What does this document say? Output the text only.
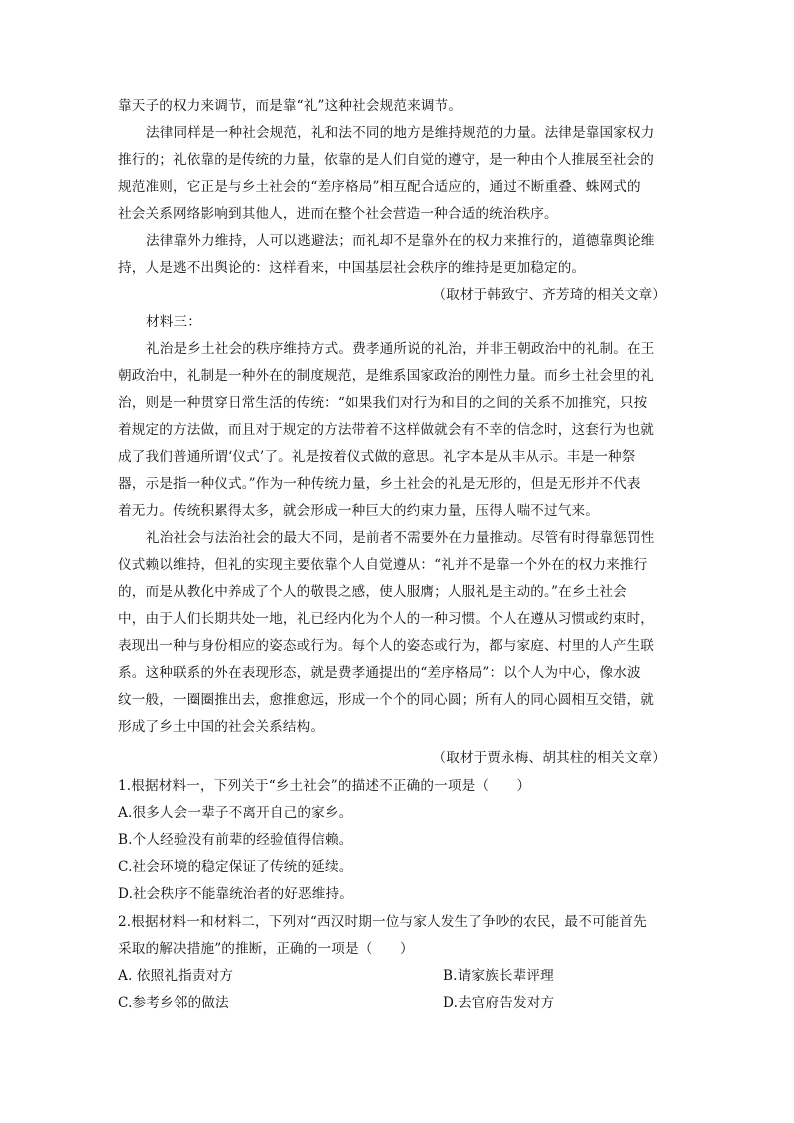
靠天子的权力来调节，而是靠“礼”这种社会规范来调节。
法律同样是一种社会规范，礼和法不同的地方是维持规范的力量。法律是靠国家权力
推行的；礼依靠的是传统的力量，依靠的是人们自觉的遵守，是一种由个人推展至社会的
规范准则，它正是与乡土社会的“差序格局”相互配合适应的，通过不断重叠、蛛网式的
社会关系网络影响到其他人，进而在整个社会营造一种合适的统治秩序。
法律靠外力维持，人可以逃避法；而礼却不是靠外在的权力来推行的，道德靠舆论维
持，人是逃不出舆论的：这样看来，中国基层社会秩序的维持是更加稳定的。
（取材于韩致宁、齐芳琦的相关文章）
材料三：
礼治是乡土社会的秩序维持方式。费孝通所说的礼治，并非王朝政治中的礼制。在王
朝政治中，礼制是一种外在的制度规范，是维系国家政治的刚性力量。而乡土社会里的礼
治，则是一种贯穿日常生活的传统：“如果我们对行为和目的之间的关系不加推究，只按
着规定的方法做，而且对于规定的方法带着不这样做就会有不幸的信念时，这套行为也就
成了我们普通所谓‘仪式’了。礼是按着仪式做的意思。礼字本是从丰从示。丰是一种祭
器，示是指一种仪式。”作为一种传统力量，乡土社会的礼是无形的，但是无形并不代表
着无力。传统积累得太多，就会形成一种巨大的约束力量，压得人喘不过气来。
礼治社会与法治社会的最大不同，是前者不需要外在力量推动。尽管有时得靠惩罚性
仪式赖以维持，但礼的实现主要依靠个人自觉遵从：“礼并不是靠一个外在的权力来推行
的，而是从教化中养成了个人的敬畏之感，使人服膺；人服礼是主动的。”在乡土社会
中，由于人们长期共处一地，礼已经内化为个人的一种习惯。个人在遵从习惯或约束时，
表现出一种与身份相应的姿态或行为。每个人的姿态或行为，都与家庭、村里的人产生联
系。这种联系的外在表现形态，就是费孝通提出的“差序格局”：以个人为中心，像水波
纹一般，一圈圈推出去，愈推愈远，形成一个个的同心圆；所有人的同心圆相互交错，就
形成了乡土中国的社会关系结构。
（取材于贾永梅、胡其柱的相关文章）
1.根据材料一，下列关于“乡土社会”的描述不正确的一项是（　　）
A.很多人会一辈子不离开自己的家乡。
B.个人经验没有前辈的经验值得信赖。
C.社会环境的稳定保证了传统的延续。
D.社会秩序不能靠统治者的好恶维持。
2.根据材料一和材料二，下列对“西汉时期一位与家人发生了争吵的农民，最不可能首先
采取的解决措施”的推断，正确的一项是（　　）
A. 依照礼指责对方	B.请家族长辈评理
C.参考乡邻的做法	D.去官府告发对方
